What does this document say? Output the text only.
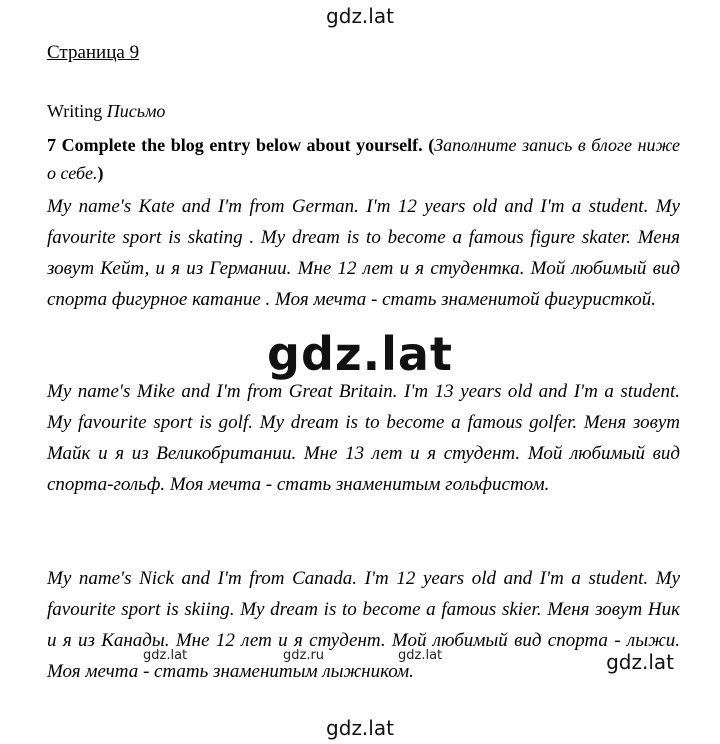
gdz.lat
Страница 9
Writing Письмо
7 Complete the blog entry below about yourself. (Заполните запись в блоге ниже о себе.)
My name's Kate and I'm from German. I'm 12 years old and I'm a student. My favourite sport is skating . My dream is to become a famous figure skater. Меня зовут Кейт, и я из Германии. Мне 12 лет и я студентка. Мой любимый вид спорта фигурное катание . Моя мечта - стать знаменитой фигуристкой.
gdz.lat
My name's Mike and I'm from Great Britain. I'm 13 years old and I'm a student. My favourite sport is golf. My dream is to become a famous golfer. Меня зовут Майк и я из Великобритании. Мне 13 лет и я студент. Мой любимый вид спорта-гольф. Моя мечта - стать знаменитым гольфистом.
My name's Nick and I'm from Canada. I'm 12 years old and I'm a student. My favourite sport is skiing. My dream is to become a famous skier. Меня зовут Ник и я из Канады. Мне 12 лет и я студент. Мой любимый вид спорта - лыжи. Моя мечта - стать знаменитым лыжником.
gdz.lat	gdz.ru	gdz.lat	gdz.lat
gdz.lat
